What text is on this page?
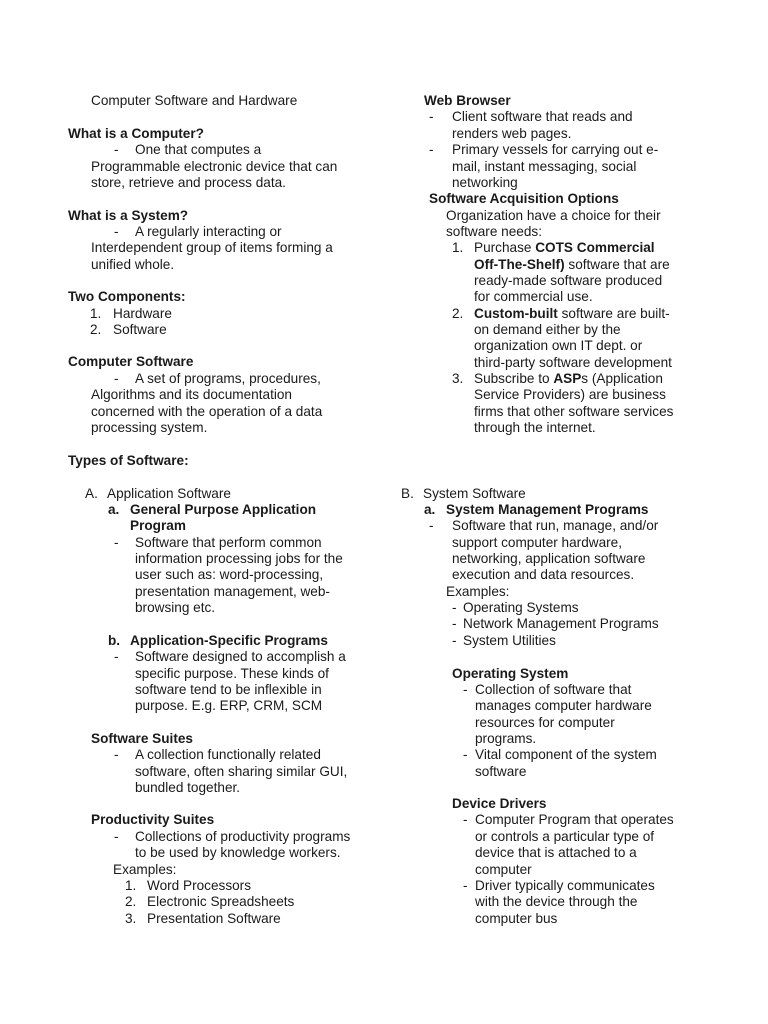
Computer Software and Hardware
What is a Computer?
- One that computes a
Programmable electronic device that can
store, retrieve and process data.
What is a System?
- A regularly interacting or
Interdependent group of items forming a
unified whole.
Two Components:
1. Hardware
2. Software
Computer Software
- A set of programs, procedures,
Algorithms and its documentation
concerned with the operation of a data
processing system.
Types of Software:
A. Application Software
a. General Purpose Application
Program
- Software that perform common
information processing jobs for the
user such as: word-processing,
presentation management, web-
browsing etc.
b. Application-Specific Programs
- Software designed to accomplish a
specific purpose. These kinds of
software tend to be inflexible in
purpose. E.g. ERP, CRM, SCM
Software Suites
- A collection functionally related
software, often sharing similar GUI,
bundled together.
Productivity Suites
- Collections of productivity programs
to be used by knowledge workers.
Examples:
1. Word Processors
2. Electronic Spreadsheets
3. Presentation Software
Web Browser
- Client software that reads and
renders web pages.
- Primary vessels for carrying out e-
mail, instant messaging, social
networking
Software Acquisition Options
Organization have a choice for their
software needs:
1. Purchase COTS Commercial
Off-The-Shelf) software that are
ready-made software produced
for commercial use.
2. Custom-built software are built-
on demand either by the
organization own IT dept. or
third-party software development
3. Subscribe to ASPs (Application
Service Providers) are business
firms that other software services
through the internet.
B. System Software
a. System Management Programs
- Software that run, manage, and/or
support computer hardware,
networking, application software
execution and data resources.
Examples:
- Operating Systems
- Network Management Programs
- System Utilities
Operating System
- Collection of software that
manages computer hardware
resources for computer
programs.
- Vital component of the system
software
Device Drivers
- Computer Program that operates
or controls a particular type of
device that is attached to a
computer
- Driver typically communicates
with the device through the
computer bus
